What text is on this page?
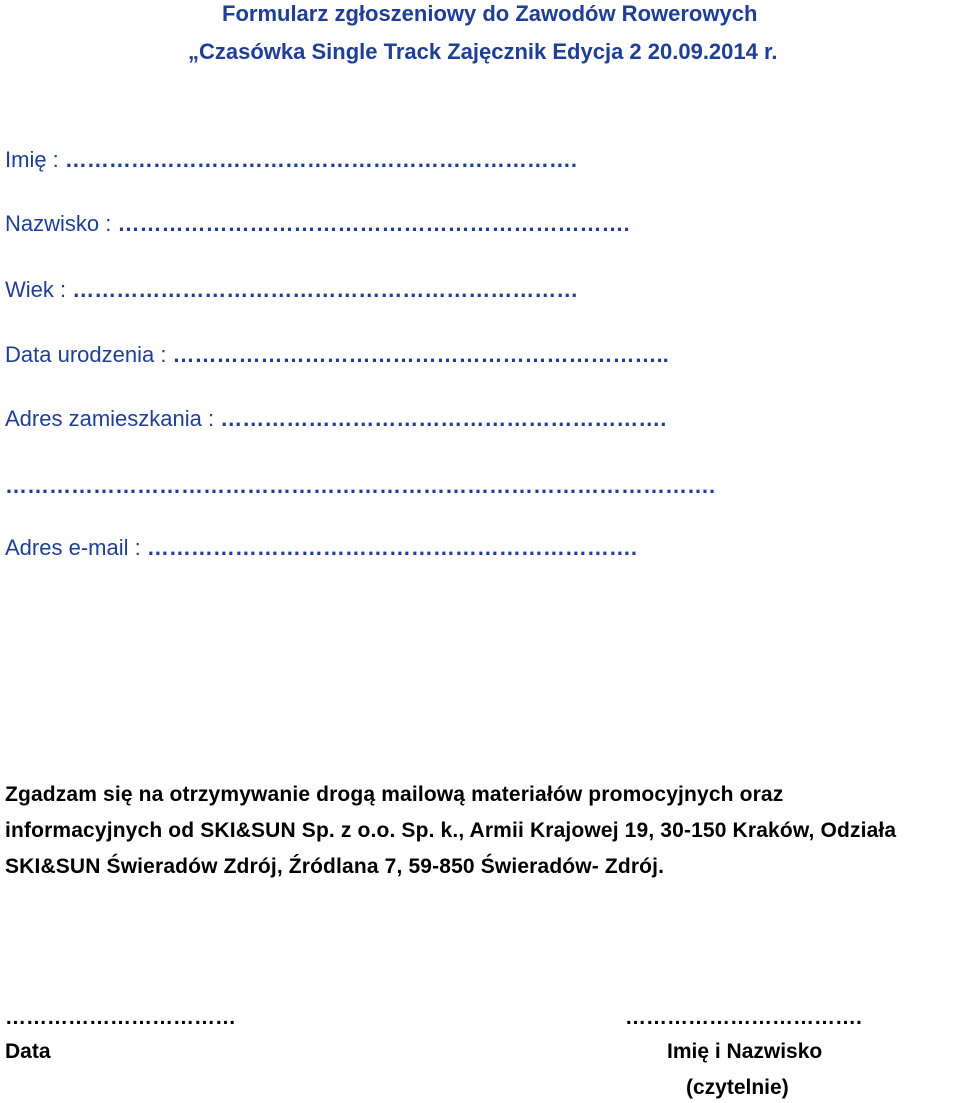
Formularz zgłoszeniowy do Zawodów Rowerowych
„Czasówka Single Track Zajęcznik Edycja 2 20.09.2014 r.
Imię : …………………………………………………………….
Nazwisko : …………………………………………………………….
Wiek : ……………………………………………………………
Data urodzenia : …………………………………………………………..
Adres zamieszkania : …………………………………………………….
…………………………………………………………………………………….
Adres e-mail : ………………………………………………………….
Zgadzam się na otrzymywanie drogą mailową materiałów promocyjnych oraz
informacyjnych od SKI&SUN Sp. z o.o. Sp. k., Armii Krajowej 19, 30-150 Kraków, Odziała
SKI&SUN Świeradów Zdrój, Źródlana 7, 59-850 Świeradów- Zdrój.
……………………………
Data
…………………………….
Imię i Nazwisko
(czytelnie)
